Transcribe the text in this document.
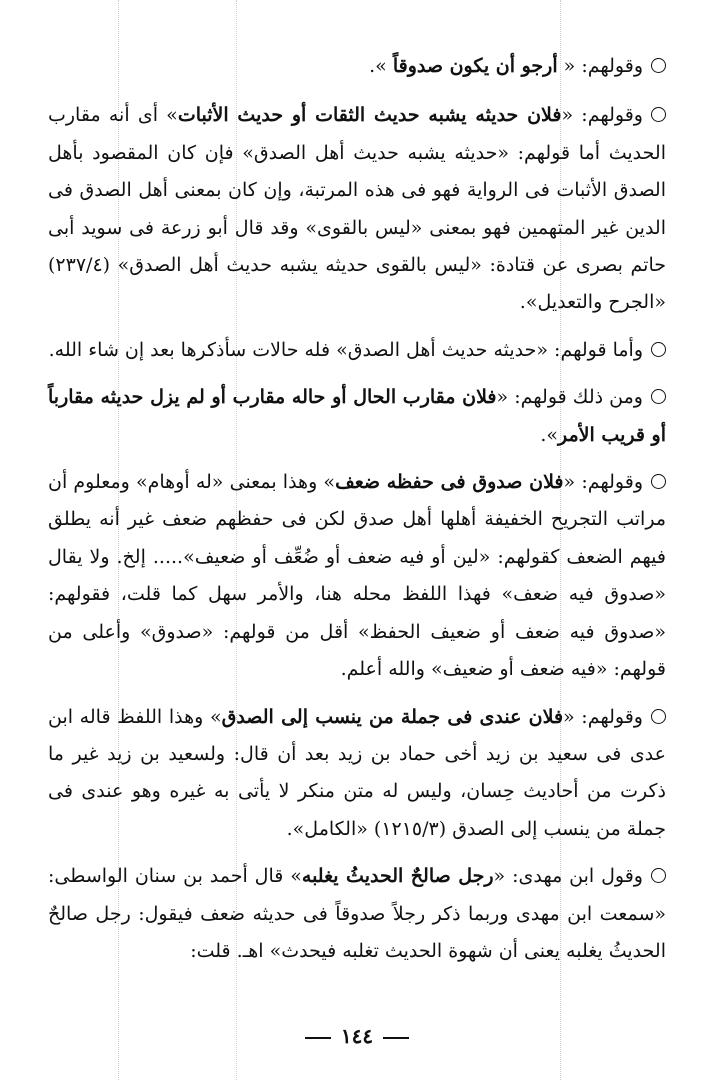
وقولهم: « أرجو أن يكون صدوقاً ».

وقولهم: «فلان حديثه يشبه حديث الثقات أو حديث الأثبات» أى أنه مقارب الحديث أما قولهم: «حديثه يشبه حديث أهل الصدق» فإن كان المقصود بأهل الصدق الأثبات فى الرواية فهو فى هذه المرتبة، وإن كان بمعنى أهل الصدق فى الدين غير المتهمين فهو بمعنى «ليس بالقوى» وقد قال أبو زرعة فى سويد أبى حاتم بصرى عن قتادة: «ليس بالقوى حديثه يشبه حديث أهل الصدق» (٢٣٧/٤) «الجرح والتعديل».

وأما قولهم: «حديثه حديث أهل الصدق» فله حالات سأذكرها بعد إن شاء الله.

ومن ذلك قولهم: «فلان مقارب الحال أو حاله مقارب أو لم يزل حديثه مقارباً أو قريب الأمر».

وقولهم: «فلان صدوق فى حفظه ضعف» وهذا بمعنى «له أوهام» ومعلوم أن مراتب التجريح الخفيفة أهلها أهل صدق لكن فى حفظهم ضعف غير أنه يطلق فيهم الضعف كقولهم: «لين أو فيه ضعف أو ضُعِّف أو ضعيف»..... إلخ. ولا يقال «صدوق فيه ضعف» فهذا اللفظ محله هنا، والأمر سهل كما قلت، فقولهم: «صدوق فيه ضعف أو ضعيف الحفظ» أقل من قولهم: «صدوق» وأعلى من قولهم: «فيه ضعف أو ضعيف» والله أعلم.

وقولهم: «فلان عندى فى جملة من ينسب إلى الصدق» وهذا اللفظ قاله ابن عدى فى سعيد بن زيد أخى حماد بن زيد بعد أن قال: ولسعيد بن زيد غير ما ذكرت من أحاديث حِسان، وليس له متن منكر لا يأتى به غيره وهو عندى فى جملة من ينسب إلى الصدق (١٢١٥/٣) «الكامل».

وقول ابن مهدى: «رجل صالحٌ الحديثُ يغلبه» قال أحمد بن سنان الواسطى: «سمعت ابن مهدى وربما ذكر رجلاً صدوقاً فى حديثه ضعف فيقول: رجل صالحٌ الحديثُ يغلبه يعنى أن شهوة الحديث تغلبه فيحدث» اهـ. قلت:

١٤٤
